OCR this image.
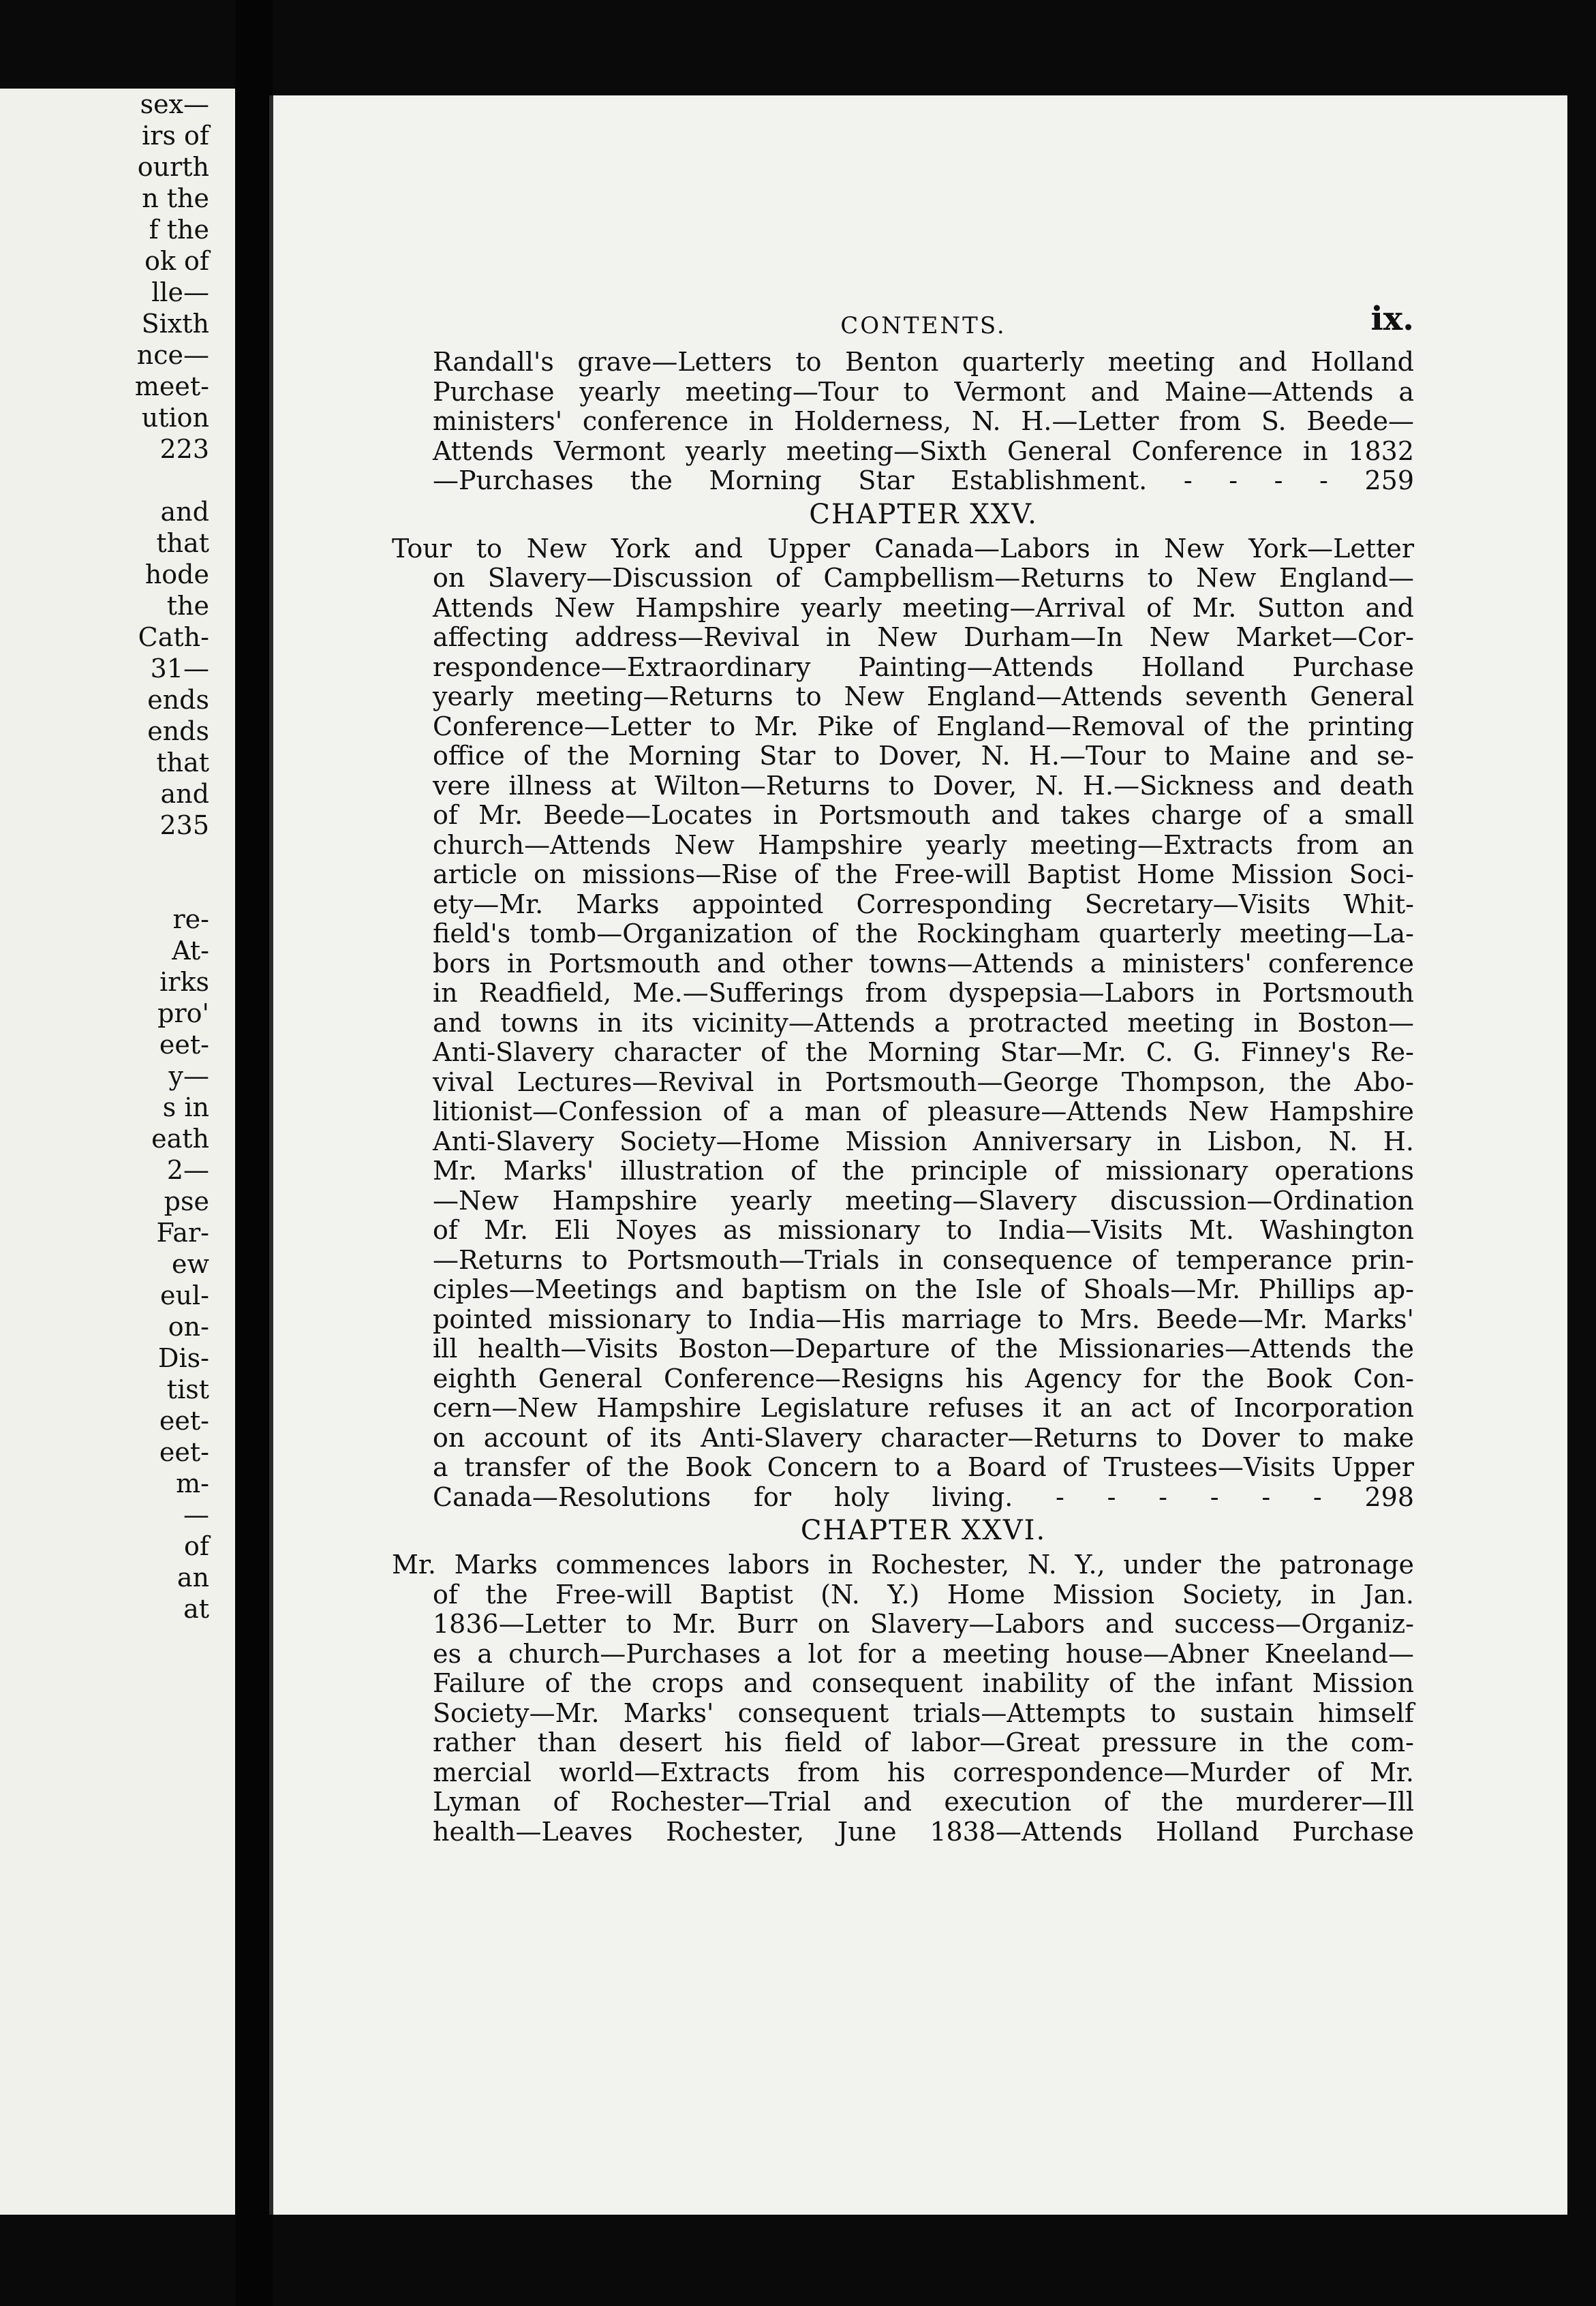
sex—
irs of
ourth
n the
f the
ok of
lle—
Sixth
nce—
meet-
ution
223

and
that
hode
the
Cath-
31—
ends
ends
that
and
235

re-
At-
irks
pro'
eet-
y—
s in
eath
2—
pse
Far-
ew
eul-
on-
Dis-
tist
eet-
eet-
m-
—
of
an
at
CONTENTS.	ix.

Randall's grave—Letters to Benton quarterly meeting and Holland
Purchase yearly meeting—Tour to Vermont and Maine—Attends a
ministers' conference in Holderness, N. H.—Letter from S. Beede—
Attends Vermont yearly meeting—Sixth General Conference in 1832
—Purchases the Morning Star Establishment. - - - - 259

CHAPTER XXV.

Tour to New York and Upper Canada—Labors in New York—Letter
on Slavery—Discussion of Campbellism—Returns to New England—
Attends New Hampshire yearly meeting—Arrival of Mr. Sutton and
affecting address—Revival in New Durham—In New Market—Cor-
respondence—Extraordinary Painting—Attends Holland Purchase
yearly meeting—Returns to New England—Attends seventh General
Conference—Letter to Mr. Pike of England—Removal of the printing
office of the Morning Star to Dover, N. H.—Tour to Maine and se-
vere illness at Wilton—Returns to Dover, N. H.—Sickness and death
of Mr. Beede—Locates in Portsmouth and takes charge of a small
church—Attends New Hampshire yearly meeting—Extracts from an
article on missions—Rise of the Free-will Baptist Home Mission Soci-
ety—Mr. Marks appointed Corresponding Secretary—Visits Whit-
field's tomb—Organization of the Rockingham quarterly meeting—La-
bors in Portsmouth and other towns—Attends a ministers' conference
in Readfield, Me.—Sufferings from dyspepsia—Labors in Portsmouth
and towns in its vicinity—Attends a protracted meeting in Boston—
Anti-Slavery character of the Morning Star—Mr. C. G. Finney's Re-
vival Lectures—Revival in Portsmouth—George Thompson, the Abo-
litionist—Confession of a man of pleasure—Attends New Hampshire
Anti-Slavery Society—Home Mission Anniversary in Lisbon, N. H.
Mr. Marks' illustration of the principle of missionary operations
—New Hampshire yearly meeting—Slavery discussion—Ordination
of Mr. Eli Noyes as missionary to India—Visits Mt. Washington
—Returns to Portsmouth—Trials in consequence of temperance prin-
ciples—Meetings and baptism on the Isle of Shoals—Mr. Phillips ap-
pointed missionary to India—His marriage to Mrs. Beede—Mr. Marks'
ill health—Visits Boston—Departure of the Missionaries—Attends the
eighth General Conference—Resigns his Agency for the Book Con-
cern—New Hampshire Legislature refuses it an act of Incorporation
on account of its Anti-Slavery character—Returns to Dover to make
a transfer of the Book Concern to a Board of Trustees—Visits Upper
Canada—Resolutions for holy living. - - - - - - 298

CHAPTER XXVI.

Mr. Marks commences labors in Rochester, N. Y., under the patronage
of the Free-will Baptist (N. Y.) Home Mission Society, in Jan.
1836—Letter to Mr. Burr on Slavery—Labors and success—Organiz-
es a church—Purchases a lot for a meeting house—Abner Kneeland—
Failure of the crops and consequent inability of the infant Mission
Society—Mr. Marks' consequent trials—Attempts to sustain himself
rather than desert his field of labor—Great pressure in the com-
mercial world—Extracts from his correspondence—Murder of Mr.
Lyman of Rochester—Trial and execution of the murderer—Ill
health—Leaves Rochester, June 1838—Attends Holland Purchase
